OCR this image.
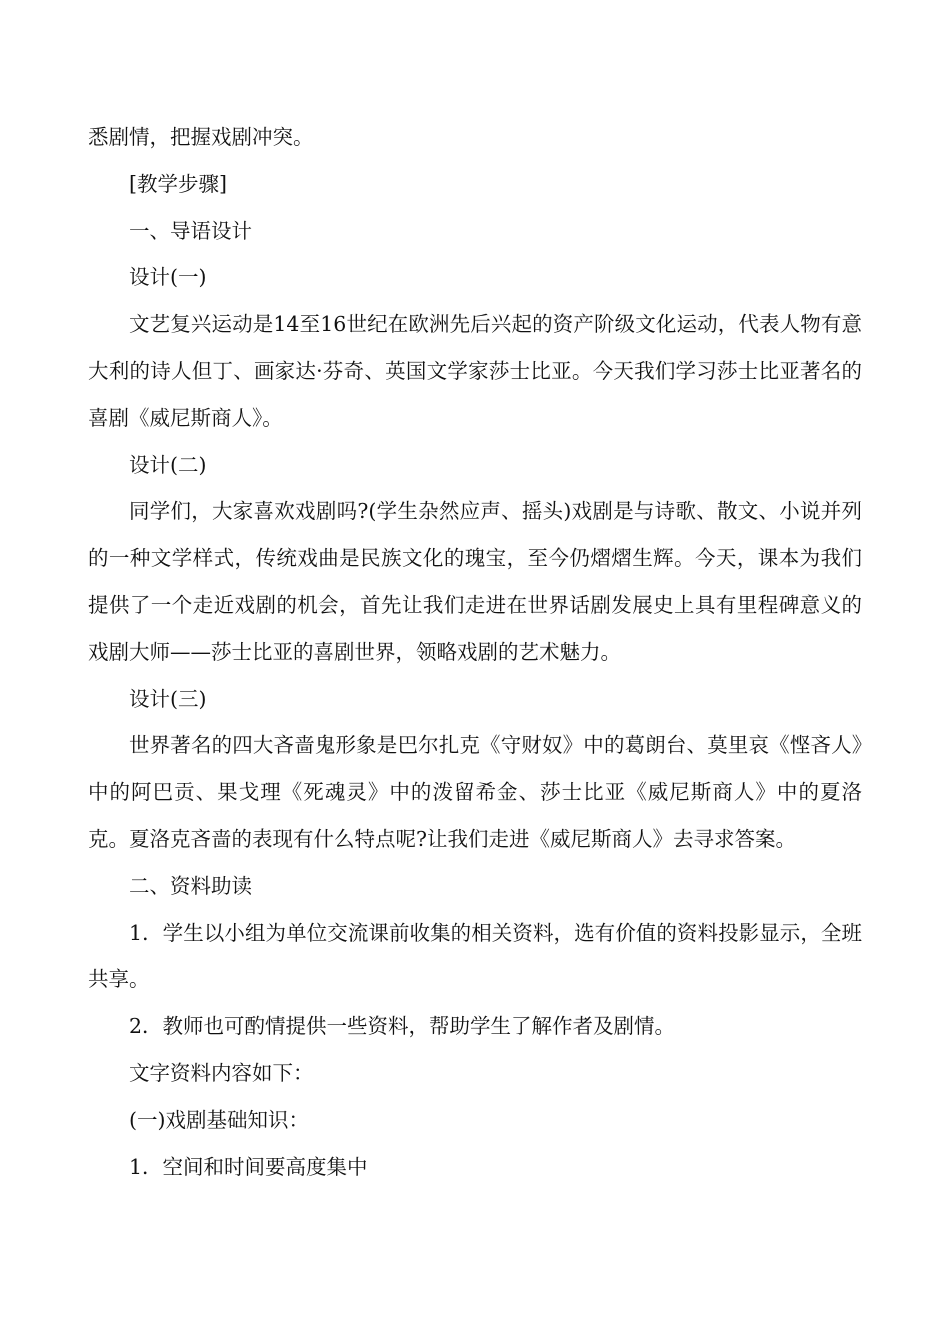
悉剧情，把握戏剧冲突。

[教学步骤]

一、导语设计

设计(一)

文艺复兴运动是14至16世纪在欧洲先后兴起的资产阶级文化运动，代表人物有意大利的诗人但丁、画家达·芬奇、英国文学家莎士比亚。今天我们学习莎士比亚著名的喜剧《威尼斯商人》。

设计(二)

同学们，大家喜欢戏剧吗?(学生杂然应声、摇头)戏剧是与诗歌、散文、小说并列的一种文学样式，传统戏曲是民族文化的瑰宝，至今仍熠熠生辉。今天，课本为我们提供了一个走近戏剧的机会，首先让我们走进在世界话剧发展史上具有里程碑意义的戏剧大师——莎士比亚的喜剧世界，领略戏剧的艺术魅力。

设计(三)

世界著名的四大吝啬鬼形象是巴尔扎克《守财奴》中的葛朗台、莫里哀《悭吝人》中的阿巴贡、果戈理《死魂灵》中的泼留希金、莎士比亚《威尼斯商人》中的夏洛克。夏洛克吝啬的表现有什么特点呢?让我们走进《威尼斯商人》去寻求答案。

二、资料助读

1．学生以小组为单位交流课前收集的相关资料，选有价值的资料投影显示，全班共享。

2．教师也可酌情提供一些资料，帮助学生了解作者及剧情。

文字资料内容如下：

(一)戏剧基础知识：

1．空间和时间要高度集中
